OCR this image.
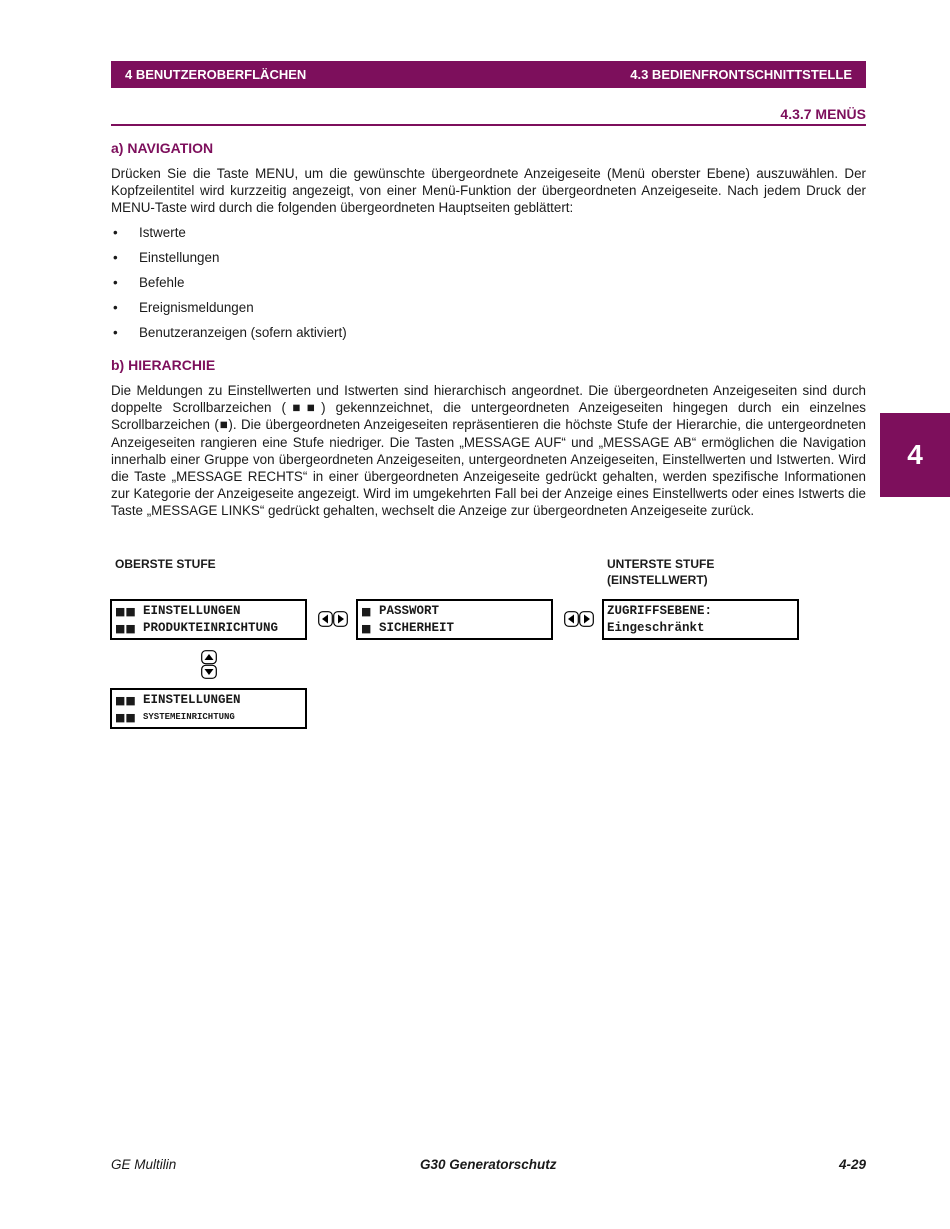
4 BENUTZEROBERFLÄCHEN	4.3 BEDIENFRONTSCHNITTSTELLE
4.3.7 MENÜS
4
a) NAVIGATION

Drücken Sie die Taste MENU, um die gewünschte übergeordnete Anzeigeseite (Menü oberster Ebene) auszuwählen. Der Kopfzeilentitel wird kurzzeitig angezeigt, von einer Menü-Funktion der übergeordneten Anzeigeseite. Nach jedem Druck der MENU-Taste wird durch die folgenden übergeordneten Hauptseiten geblättert:

• Istwerte
• Einstellungen
• Befehle
• Ereignismeldungen
• Benutzeranzeigen (sofern aktiviert)
b) HIERARCHIE

Die Meldungen zu Einstellwerten und Istwerten sind hierarchisch angeordnet. Die übergeordneten Anzeigeseiten sind durch doppelte Scrollbarzeichen (■■) gekennzeichnet, die untergeordneten Anzeigeseiten hingegen durch ein einzelnes Scrollbarzeichen (■). Die übergeordneten Anzeigeseiten repräsentieren die höchste Stufe der Hierarchie, die untergeordneten Anzeigeseiten rangieren eine Stufe niedriger. Die Tasten „MESSAGE AUF“ und „MESSAGE AB“ ermöglichen die Navigation innerhalb einer Gruppe von übergeordneten Anzeigeseiten, untergeordneten Anzeigeseiten, Einstellwerten und Istwerten. Wird die Taste „MESSAGE RECHTS“ in einer übergeordneten Anzeigeseite gedrückt gehalten, werden spezifische Informationen zur Kategorie der Anzeigeseite angezeigt. Wird im umgekehrten Fall bei der Anzeige eines Einstellwerts oder eines Istwerts die Taste „MESSAGE LINKS“ gedrückt gehalten, wechselt die Anzeige zur übergeordneten Anzeigeseite zurück.

OBERSTE STUFE	UNTERSTE STUFE
(EINSTELLWERT)
■■ EINSTELLUNGEN
■■ PRODUKTEINRICHTUNG
■ PASSWORT
■ SICHERHEIT
ZUGRIFFSEBENE:
Eingeschränkt
■■ EINSTELLUNGEN
■■ SYSTEMEINRICHTUNG
GE Multilin	G30 Generatorschutz	4-29
